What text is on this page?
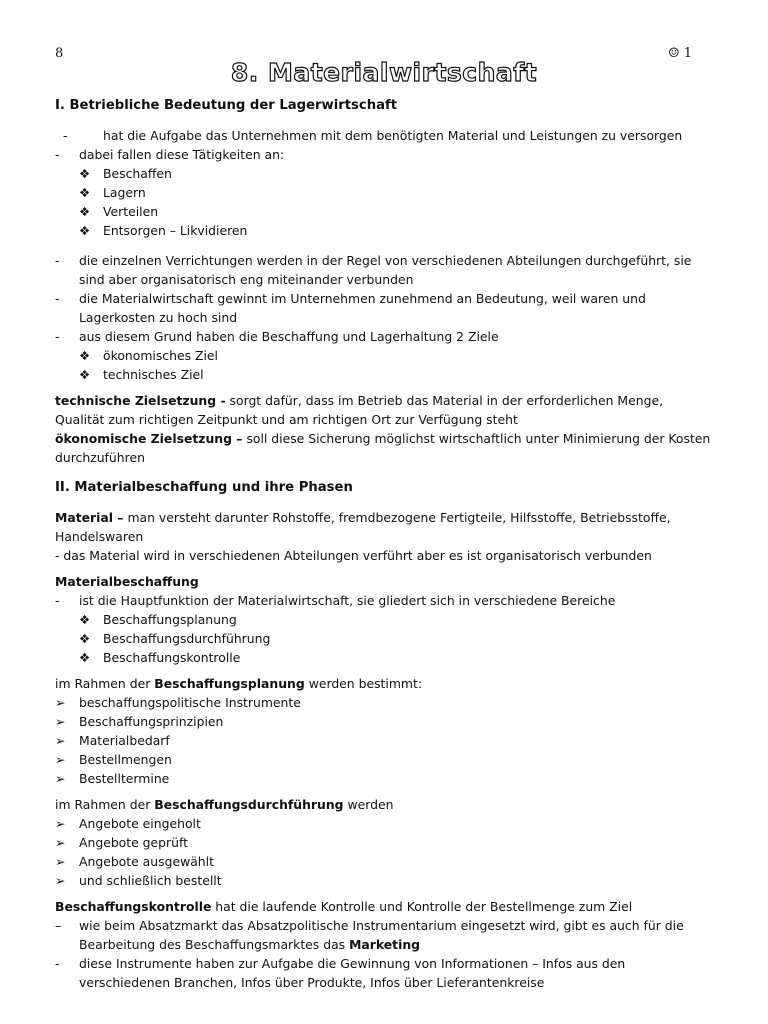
8	☺ 1
8. Materialwirtschaft

I. Betriebliche Bedeutung der Lagerwirtschaft

-	hat die Aufgabe das Unternehmen mit dem benötigten Material und Leistungen zu versorgen
- dabei fallen diese Tätigkeiten an:
❖ Beschaffen
❖ Lagern
❖ Verteilen
❖ Entsorgen – Likvidieren
- die einzelnen Verrichtungen werden in der Regel von verschiedenen Abteilungen durchgeführt, sie
sind aber organisatorisch eng miteinander verbunden
- die Materialwirtschaft gewinnt im Unternehmen zunehmend an Bedeutung, weil waren und
Lagerkosten zu hoch sind
- aus diesem Grund haben die Beschaffung und Lagerhaltung 2 Ziele
❖ ökonomisches Ziel
❖ technisches Ziel
technische Zielsetzung - sorgt dafür, dass im Betrieb das Material in der erforderlichen Menge,
Qualität zum richtigen Zeitpunkt und am richtigen Ort zur Verfügung steht
ökonomische Zielsetzung – soll diese Sicherung möglichst wirtschaftlich unter Minimierung der Kosten
durchzuführen

II. Materialbeschaffung und ihre Phasen

Material – man versteht darunter Rohstoffe, fremdbezogene Fertigteile, Hilfsstoffe, Betriebsstoffe,
Handelswaren
- das Material wird in verschiedenen Abteilungen verführt aber es ist organisatorisch verbunden
Materialbeschaffung
- ist die Hauptfunktion der Materialwirtschaft, sie gliedert sich in verschiedene Bereiche
❖ Beschaffungsplanung
❖ Beschaffungsdurchführung
❖ Beschaffungskontrolle
im Rahmen der Beschaffungsplanung werden bestimmt:
➢ beschaffungspolitische Instrumente
➢ Beschaffungsprinzipien
➢ Materialbedarf
➢ Bestellmengen
➢ Bestelltermine
im Rahmen der Beschaffungsdurchführung werden
➢ Angebote eingeholt
➢ Angebote geprüft
➢ Angebote ausgewählt
➢ und schließlich bestellt
Beschaffungskontrolle hat die laufende Kontrolle und Kontrolle der Bestellmenge zum Ziel
– wie beim Absatzmarkt das Absatzpolitische Instrumentarium eingesetzt wird, gibt es auch für die
Bearbeitung des Beschaffungsmarktes das Marketing
- diese Instrumente haben zur Aufgabe die Gewinnung von Informationen – Infos aus den
verschiedenen Branchen, Infos über Produkte, Infos über Lieferantenkreise
